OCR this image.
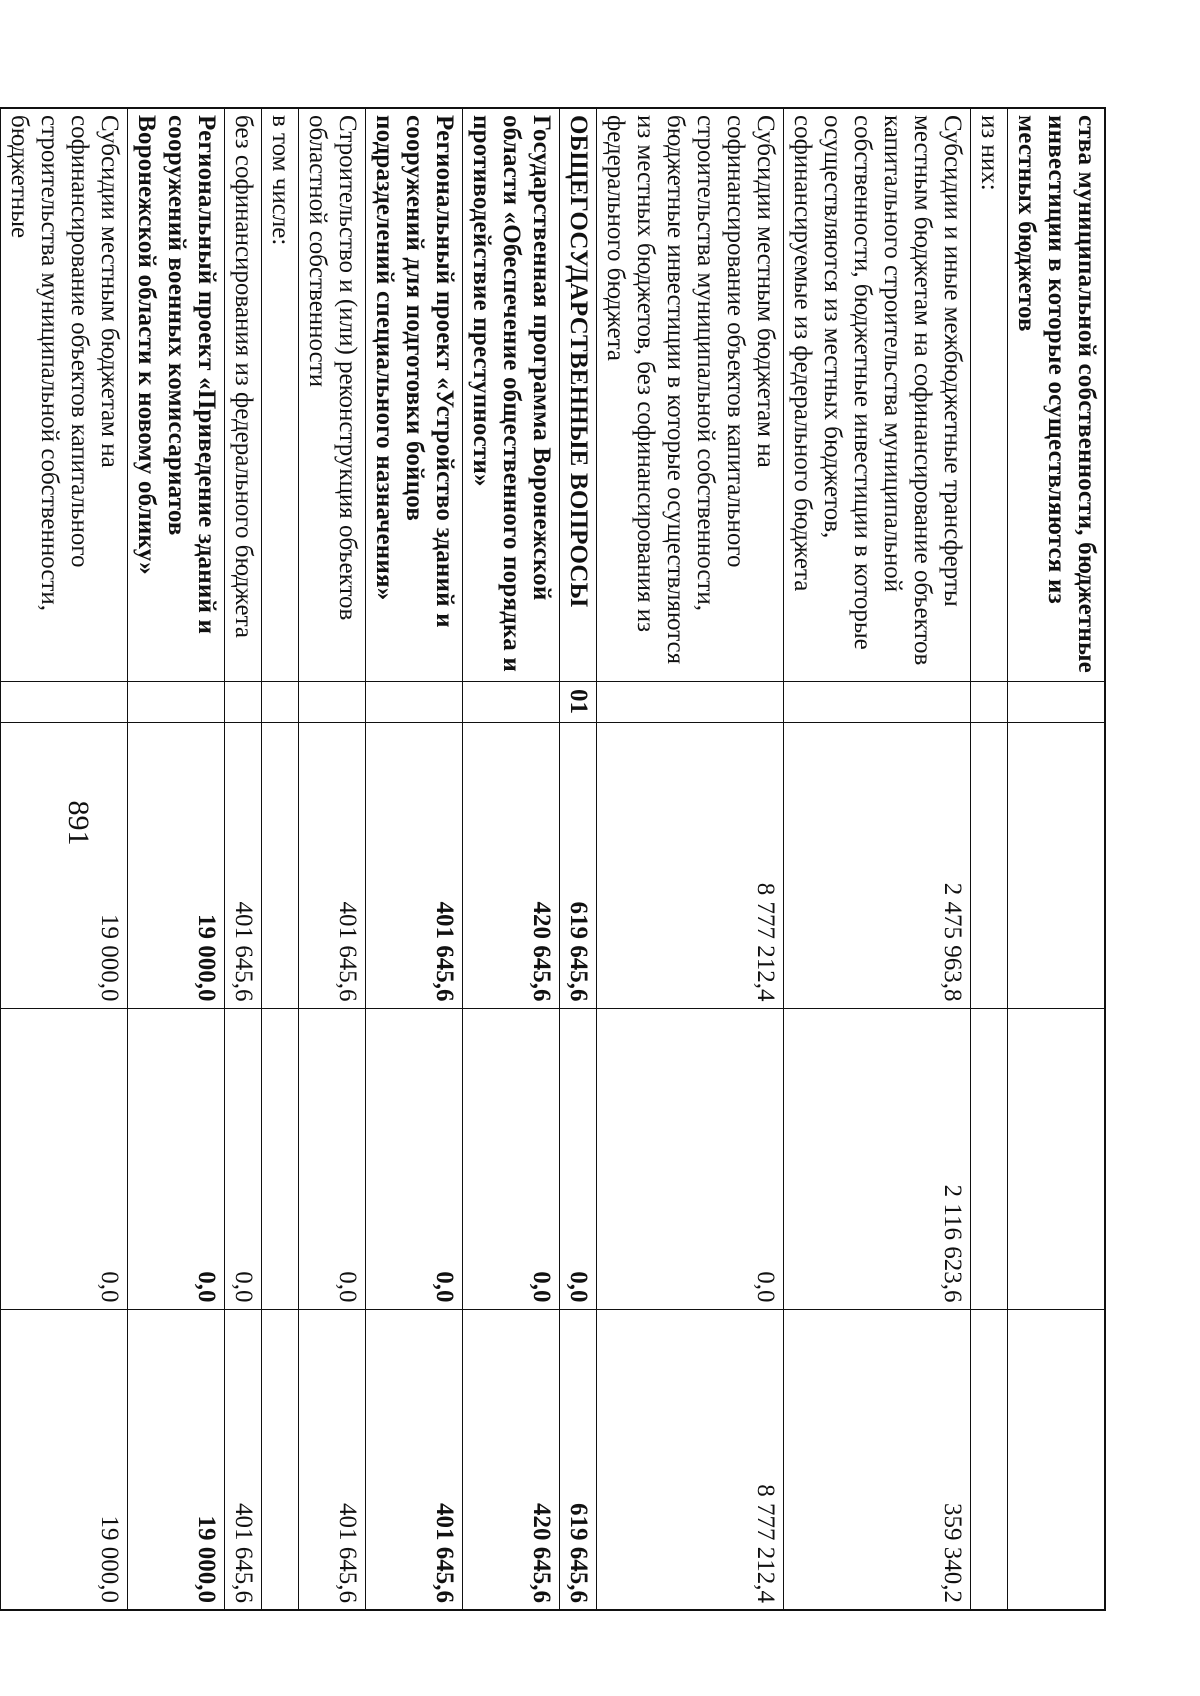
891
ства муниципальной собственности, бюджетные инвестиции в которые осуществляются из местных бюджетов				
из них:				
Субсидии и иные межбюджетные трансферты местным бюджетам на софинансирование объектов капитального строительства муниципальной собственности, бюджетные инвестиции в которые осуществляются из местных бюджетов, софинансируемые из федерального бюджета		2 475 963,8	2 116 623,6	359 340,2
Субсидии местным бюджетам на софинансирование объектов капитального строительства муниципальной собственности, бюджетные инвестиции в которые осуществляются из местных бюджетов, без софинансирования из федерального бюджета		8 777 212,4	0,0	8 777 212,4
ОБЩЕГОСУДАРСТВЕННЫЕ ВОПРОСЫ	01	619 645,6	0,0	619 645,6
Государственная программа Воронежской области «Обеспечение общественного порядка и противодействие преступности»		420 645,6	0,0	420 645,6
Региональный проект «Устройство зданий и сооружений для подготовки бойцов подразделений специального назначения»		401 645,6	0,0	401 645,6
Строительство и (или) реконструкция объектов областной собственности		401 645,6	0,0	401 645,6
в том числе:				
без софинансирования из федерального бюджета		401 645,6	0,0	401 645,6
Региональный проект «Приведение зданий и сооружений военных комиссариатов Воронежской области к новому облику»		19 000,0	0,0	19 000,0
Субсидии местным бюджетам на софинансирование объектов капитального строительства муниципальной собственности, бюджетные		19 000,0	0,0	19 000,0
